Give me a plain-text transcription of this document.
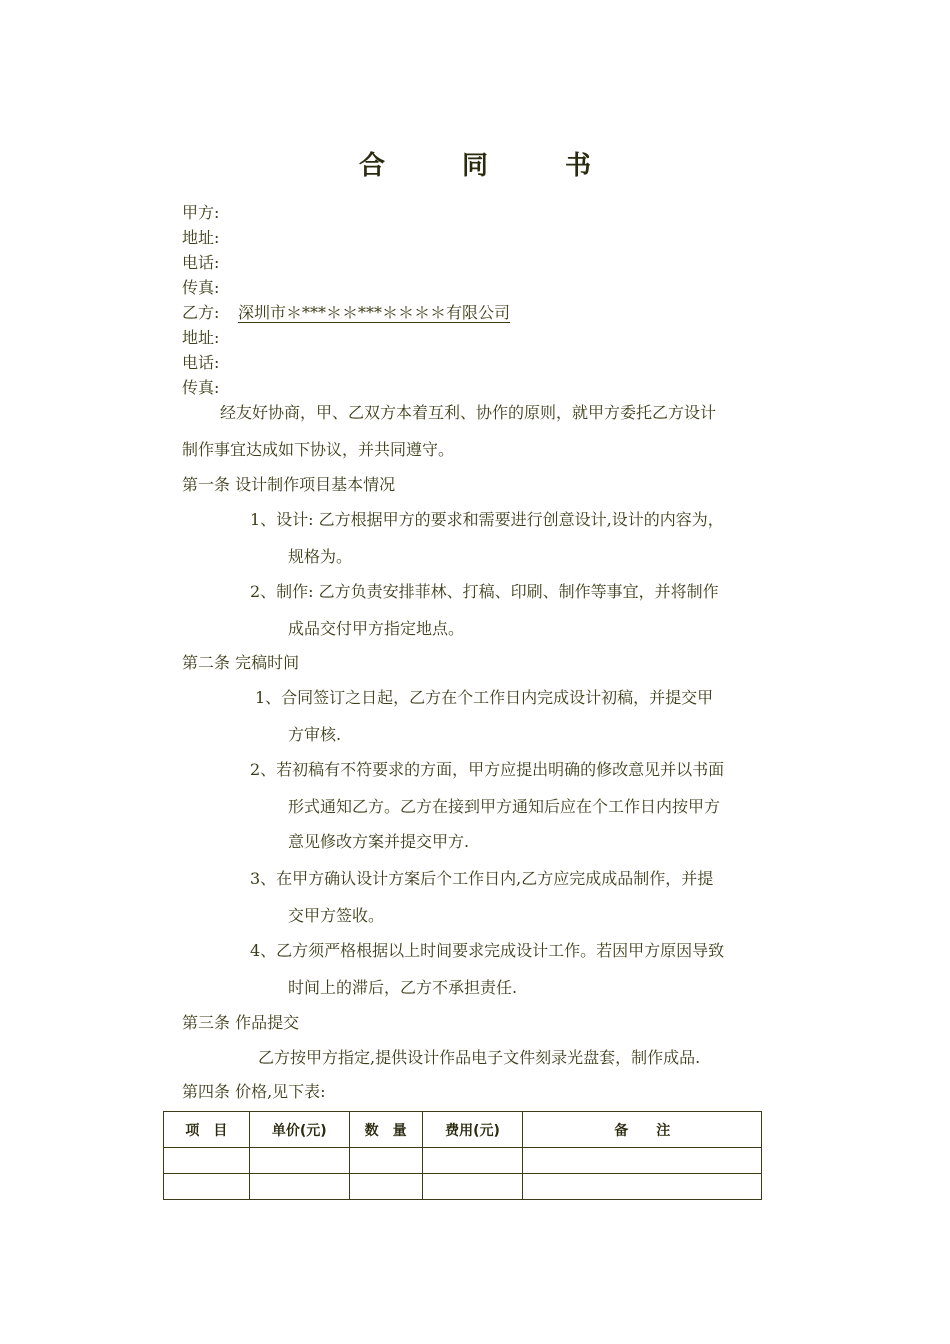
合 同 书
甲方:
地址:
电话:
传真:
乙方: 深圳市＊***＊＊***＊＊＊＊有限公司
地址:
电话:
传真:
经友好协商，甲、乙双方本着互利、协作的原则，就甲方委托乙方设计
制作事宜达成如下协议，并共同遵守。
第一条 设计制作项目基本情况
1、设计: 乙方根据甲方的要求和需要进行创意设计,设计的内容为，
规格为。
2、制作: 乙方负责安排菲林、打稿、印刷、制作等事宜，并将制作
成品交付甲方指定地点。
第二条 完稿时间
1、合同签订之日起，乙方在个工作日内完成设计初稿，并提交甲
方审核.
2、若初稿有不符要求的方面，甲方应提出明确的修改意见并以书面
形式通知乙方。乙方在接到甲方通知后应在个工作日内按甲方
意见修改方案并提交甲方.
3、在甲方确认设计方案后个工作日内,乙方应完成成品制作，并提
交甲方签收。
4、乙方须严格根据以上时间要求完成设计工作。若因甲方原因导致
时间上的滞后，乙方不承担责任.
第三条 作品提交
乙方按甲方指定,提供设计作品电子文件刻录光盘套，制作成品.
第四条 价格,见下表:
项　目	单价(元)	数　量	费用(元)	备　　注
